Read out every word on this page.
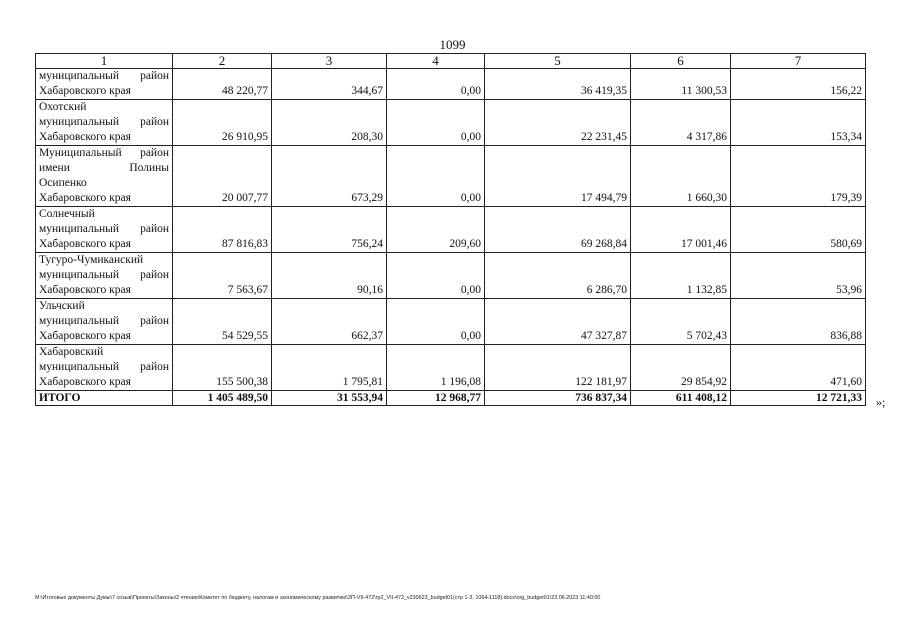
1099
1	2	3	4	5	6	7

муниципальный район
Хабаровского края	48 220,77	344,67	0,00	36 419,35	11 300,53	156,22

Охотский
муниципальный район
Хабаровского края	26 910,95	208,30	0,00	22 231,45	4 317,86	153,34

Муниципальный район
имени Полины
Осипенко
Хабаровского края	20 007,77	673,29	0,00	17 494,79	1 660,30	179,39

Солнечный
муниципальный район
Хабаровского края	87 816,83	756,24	209,60	69 268,84	17 001,46	580,69

Тугуро-Чумиканский
муниципальный район
Хабаровского края	7 563,67	90,16	0,00	6 286,70	1 132,85	53,96

Ульчский
муниципальный район
Хабаровского края	54 529,55	662,37	0,00	47 327,87	5 702,43	836,88

Хабаровский
муниципальный район
Хабаровского края	155 500,38	1 795,81	1 196,08	122 181,97	29 854,92	471,60
ИТОГО	1 405 489,50	31 553,94	12 968,77	736 837,34	611 408,12	12 721,33 »;
M:\Итоговые документы Думы\7 созыв\Проекты\Законы\2 чтение\Комитет по бюджету, налогам и экономическому развитию\ЗП-VII-472\гр2_VII-472_v230623_budget01(стр 1-3, 1064-1118).docx\org_budget01\23.06.2023 11:40:00
